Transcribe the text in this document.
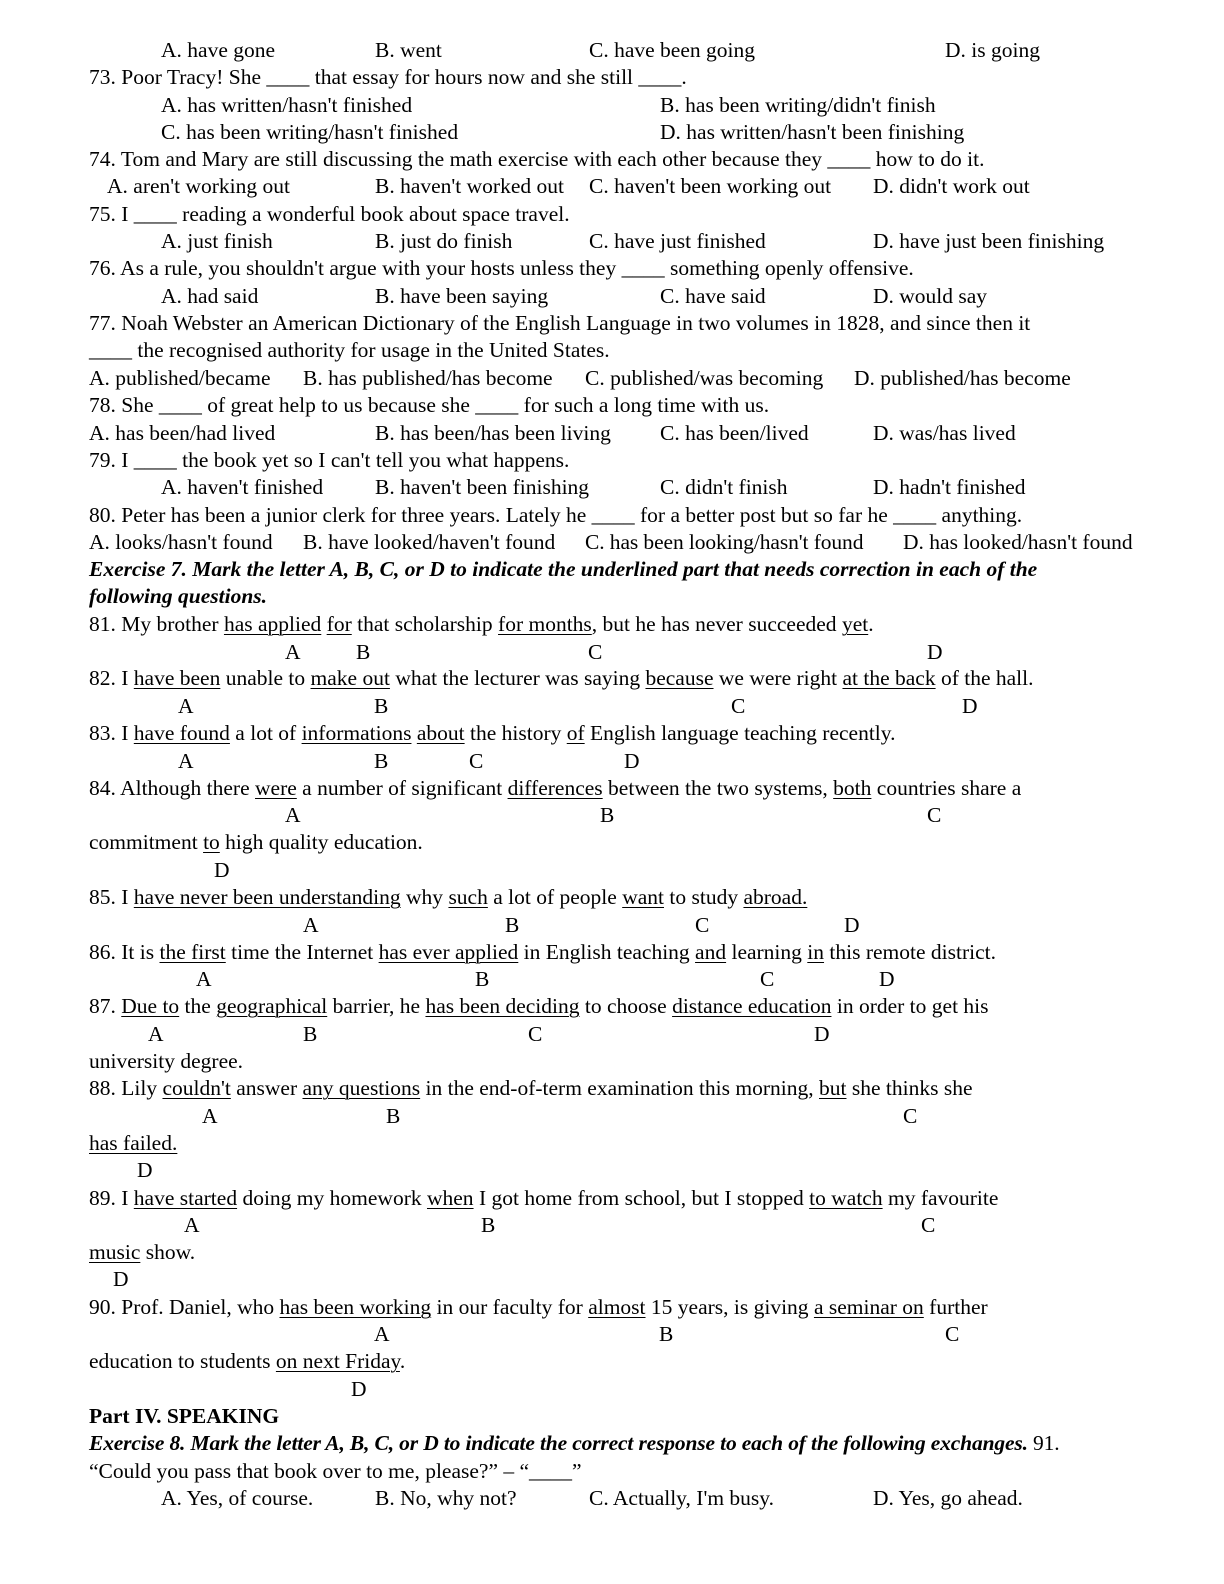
A. have gone	B. went	C. have been going	D. is going
73. Poor Tracy! She ____ that essay for hours now and she still ____.
A. has written/hasn't finished	B. has been writing/didn't finish
C. has been writing/hasn't finished	D. has written/hasn't been finishing
74. Tom and Mary are still discussing the math exercise with each other because they ____ how to do it.
A. aren't working out	B. haven't worked out C. haven't been working out D. didn't work out
75. I ____ reading a wonderful book about space travel.
A. just finish	B. just do finish	C. have just finished	D. have just been finishing
76. As a rule, you shouldn't argue with your hosts unless they ____ something openly offensive.
A. had said	B. have been saying	C. have said	D. would say
77. Noah Webster an American Dictionary of the English Language in two volumes in 1828, and since then it
____ the recognised authority for usage in the United States.
A. published/became B. has published/has become C. published/was becoming D. published/has become
78. She ____ of great help to us because she ____ for such a long time with us.
A. has been/had lived	B. has been/has been living C. has been/lived	D. was/has lived
79. I ____ the book yet so I can't tell you what happens.
A. haven't finished B. haven't been finishing	C. didn't finish	D. hadn't finished
80. Peter has been a junior clerk for three years. Lately he ____ for a better post but so far he ____ anything.
A. looks/hasn't found B. have looked/haven't found C. has been looking/hasn't found D. has looked/hasn't found
Exercise 7. Mark the letter A, B, C, or D to indicate the underlined part that needs correction in each of the
following questions.
81. My brother has applied for that scholarship for months, but he has never succeeded yet.
A	B	C	D
82. I have been unable to make out what the lecturer was saying because we were right at the back of the hall.
A	B	C	D
83. I have found a lot of informations about the history of English language teaching recently.
A	B	C	D
84. Although there were a number of significant differences between the two systems, both countries share a
A	B	C
commitment to high quality education.
D
85. I have never been understanding why such a lot of people want to study abroad.
A	B	C	D
86. It is the first time the Internet has ever applied in English teaching and learning in this remote district.
A	B	C	D
87. Due to the geographical barrier, he has been deciding to choose distance education in order to get his
A	B	C	D
university degree.
88. Lily couldn't answer any questions in the end-of-term examination this morning, but she thinks she
A	B	C
has failed.
D
89. I have started doing my homework when I got home from school, but I stopped to watch my favourite
A	B	C
music show.
D
90. Prof. Daniel, who has been working in our faculty for almost 15 years, is giving a seminar on further
A	B	C
education to students on next Friday.
D
Part IV. SPEAKING
Exercise 8. Mark the letter A, B, C, or D to indicate the correct response to each of the following exchanges. 91.
“Could you pass that book over to me, please?” – “____”
A. Yes, of course.	B. No, why not?	C. Actually, I'm busy.	D. Yes, go ahead.
